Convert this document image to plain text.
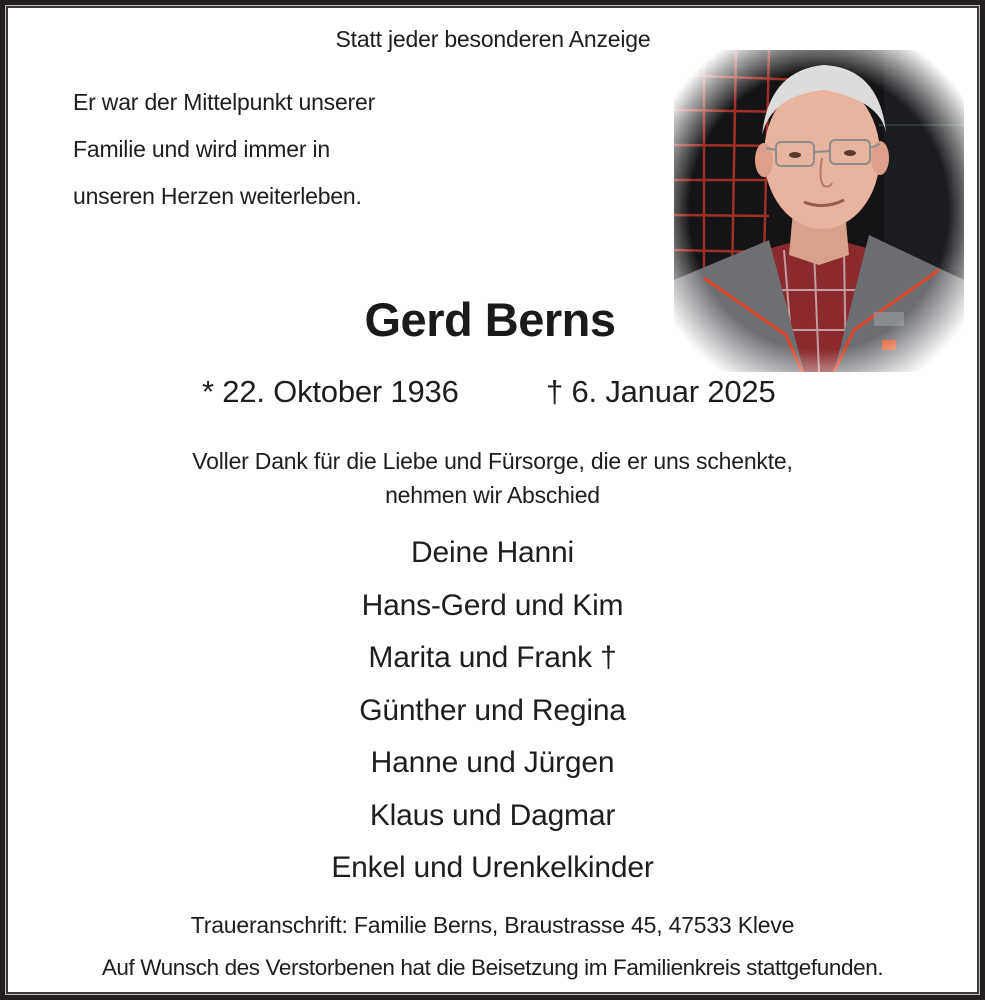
Statt jeder besonderen Anzeige
Er war der Mittelpunkt unserer
Familie und wird immer in
unseren Herzen weiterleben.
Gerd Berns
* 22. Oktober 1936	† 6. Januar 2025
Voller Dank für die Liebe und Fürsorge, die er uns schenkte,
nehmen wir Abschied
Deine Hanni
Hans-Gerd und Kim
Marita und Frank †
Günther und Regina
Hanne und Jürgen
Klaus und Dagmar
Enkel und Urenkelkinder
Traueranschrift: Familie Berns, Braustrasse 45, 47533 Kleve
Auf Wunsch des Verstorbenen hat die Beisetzung im Familienkreis stattgefunden.
